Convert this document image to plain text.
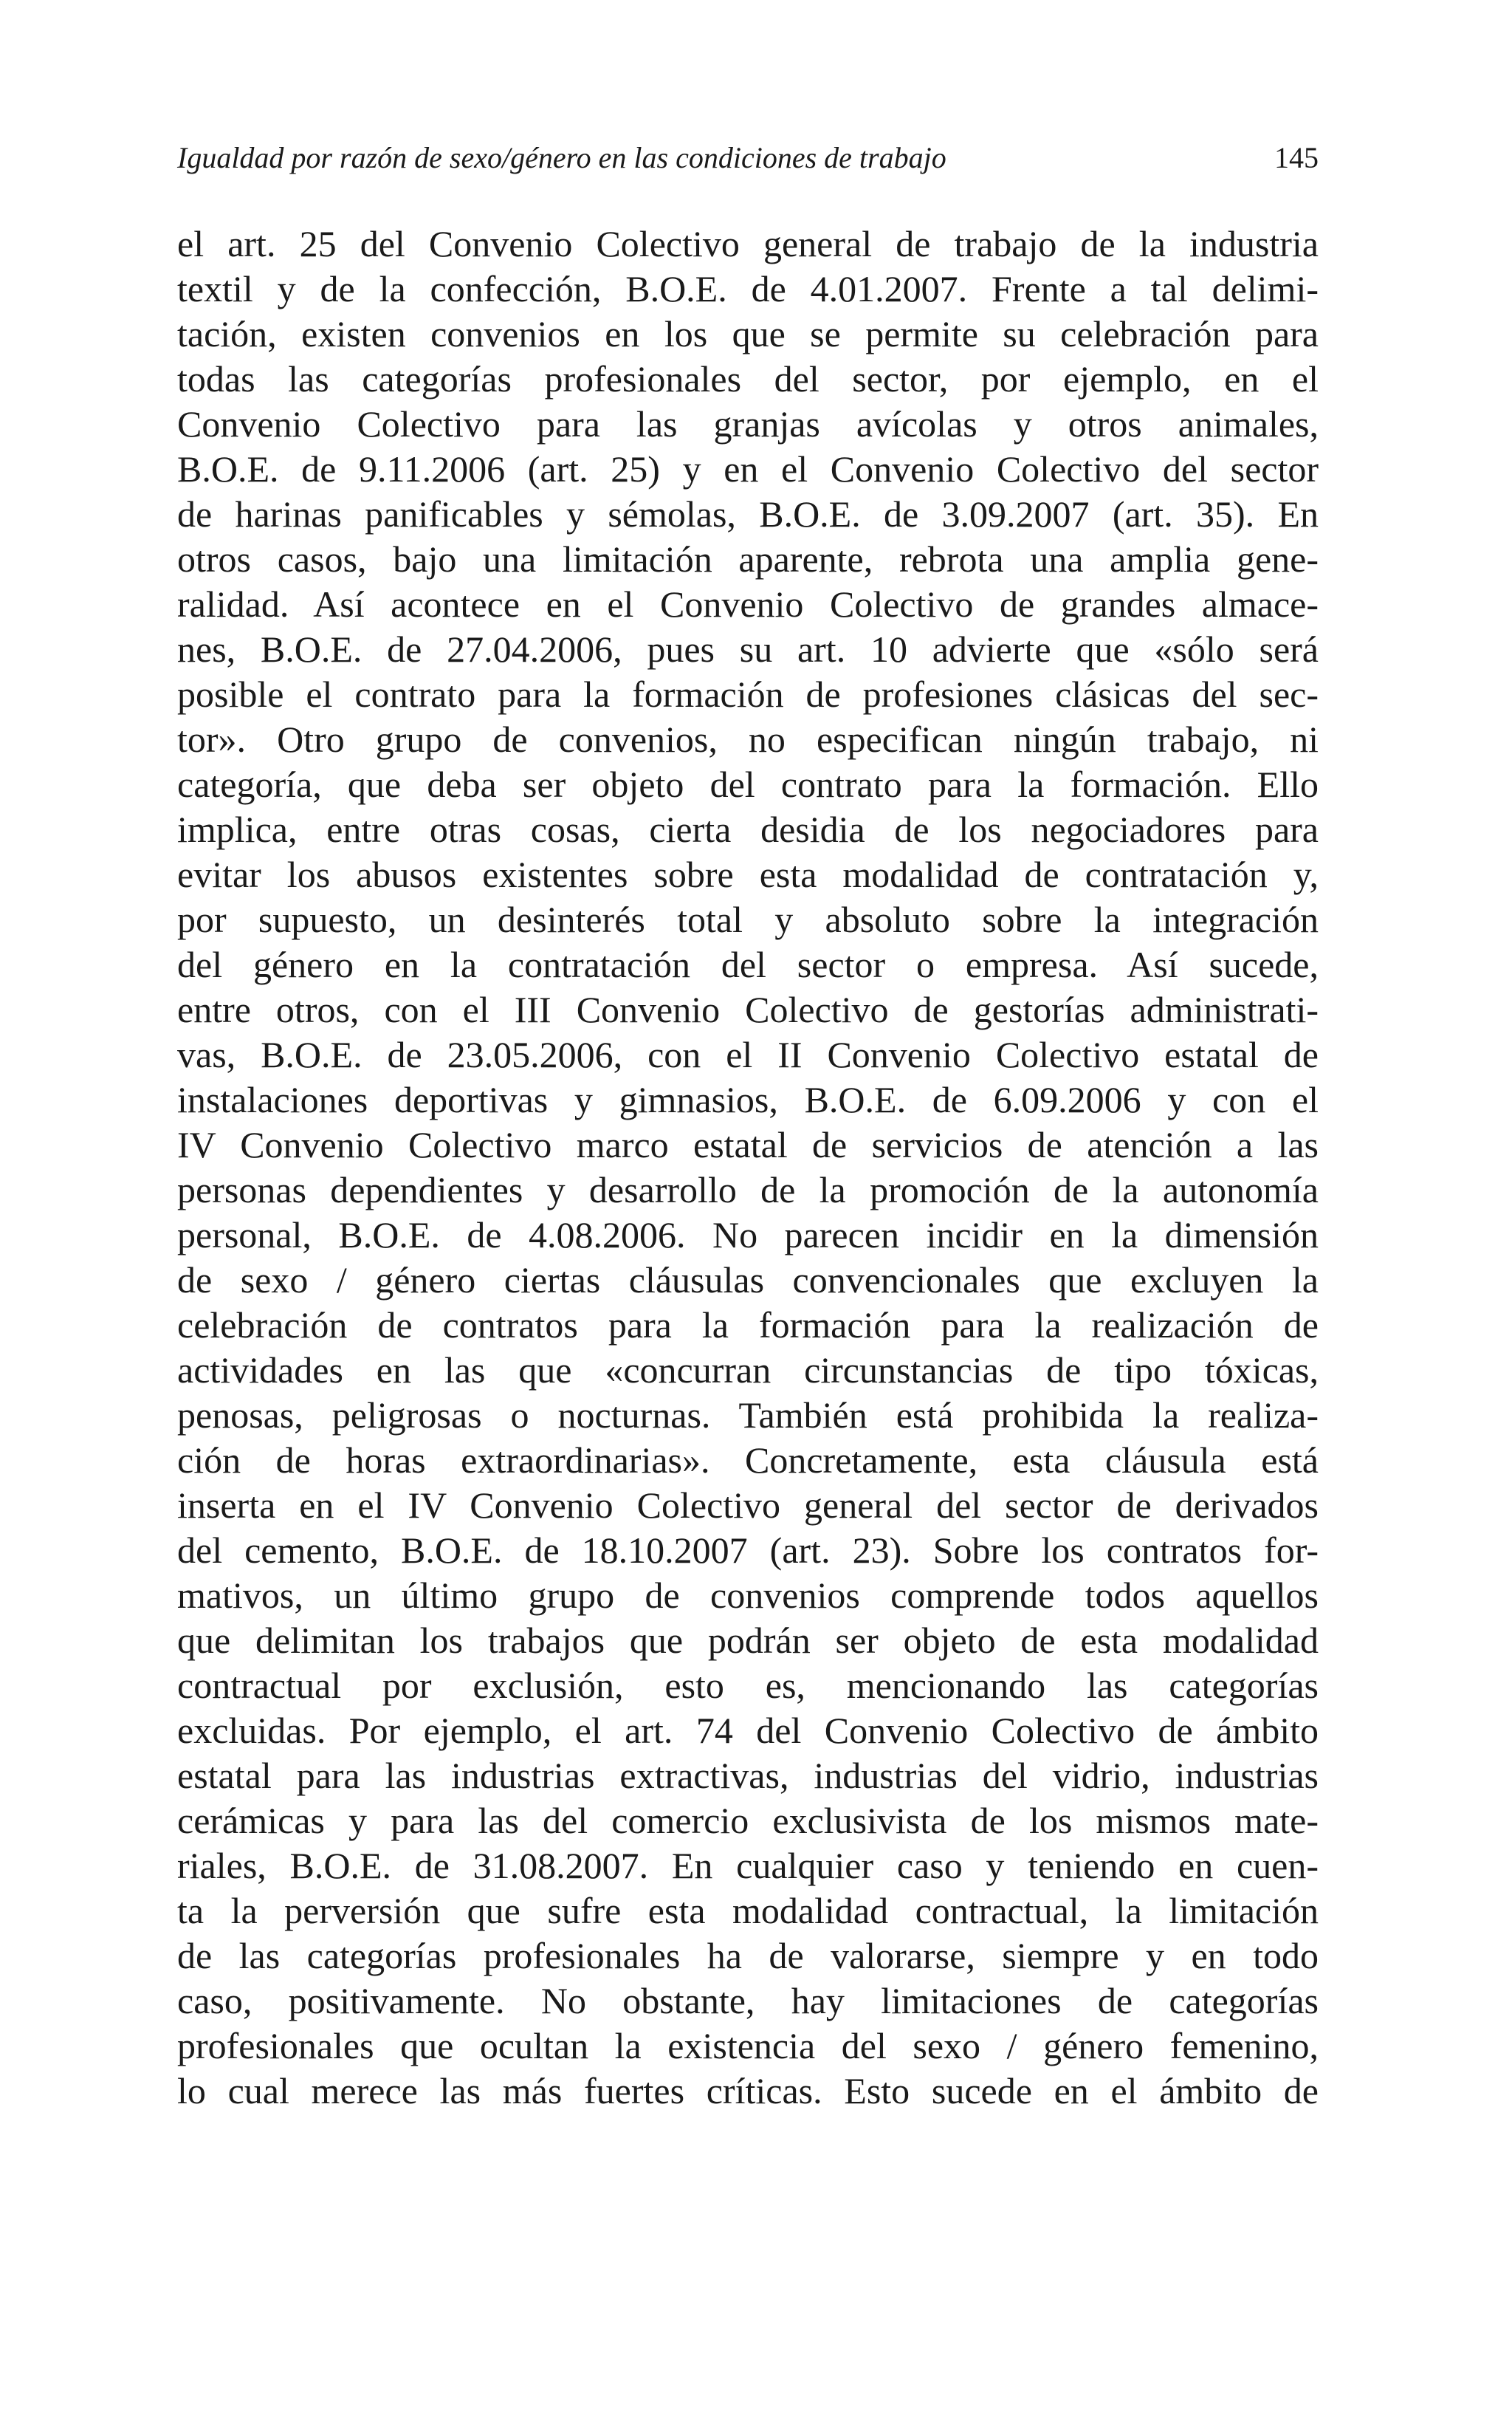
Igualdad por razón de sexo/género en las condiciones de trabajo	145
el art. 25 del Convenio Colectivo general de trabajo de la industria
textil y de la confección, B.O.E. de 4.01.2007. Frente a tal delimi-
tación, existen convenios en los que se permite su celebración para
todas las categorías profesionales del sector, por ejemplo, en el
Convenio Colectivo para las granjas avícolas y otros animales,
B.O.E. de 9.11.2006 (art. 25) y en el Convenio Colectivo del sector
de harinas panificables y sémolas, B.O.E. de 3.09.2007 (art. 35). En
otros casos, bajo una limitación aparente, rebrota una amplia gene-
ralidad. Así acontece en el Convenio Colectivo de grandes almace-
nes, B.O.E. de 27.04.2006, pues su art. 10 advierte que «sólo será
posible el contrato para la formación de profesiones clásicas del sec-
tor». Otro grupo de convenios, no especifican ningún trabajo, ni
categoría, que deba ser objeto del contrato para la formación. Ello
implica, entre otras cosas, cierta desidia de los negociadores para
evitar los abusos existentes sobre esta modalidad de contratación y,
por supuesto, un desinterés total y absoluto sobre la integración
del género en la contratación del sector o empresa. Así sucede,
entre otros, con el III Convenio Colectivo de gestorías administrati-
vas, B.O.E. de 23.05.2006, con el II Convenio Colectivo estatal de
instalaciones deportivas y gimnasios, B.O.E. de 6.09.2006 y con el
IV Convenio Colectivo marco estatal de servicios de atención a las
personas dependientes y desarrollo de la promoción de la autonomía
personal, B.O.E. de 4.08.2006. No parecen incidir en la dimensión
de sexo / género ciertas cláusulas convencionales que excluyen la
celebración de contratos para la formación para la realización de
actividades en las que «concurran circunstancias de tipo tóxicas,
penosas, peligrosas o nocturnas. También está prohibida la realiza-
ción de horas extraordinarias». Concretamente, esta cláusula está
inserta en el IV Convenio Colectivo general del sector de derivados
del cemento, B.O.E. de 18.10.2007 (art. 23). Sobre los contratos for-
mativos, un último grupo de convenios comprende todos aquellos
que delimitan los trabajos que podrán ser objeto de esta modalidad
contractual por exclusión, esto es, mencionando las categorías
excluidas. Por ejemplo, el art. 74 del Convenio Colectivo de ámbito
estatal para las industrias extractivas, industrias del vidrio, industrias
cerámicas y para las del comercio exclusivista de los mismos mate-
riales, B.O.E. de 31.08.2007. En cualquier caso y teniendo en cuen-
ta la perversión que sufre esta modalidad contractual, la limitación
de las categorías profesionales ha de valorarse, siempre y en todo
caso, positivamente. No obstante, hay limitaciones de categorías
profesionales que ocultan la existencia del sexo / género femenino,
lo cual merece las más fuertes críticas. Esto sucede en el ámbito de
